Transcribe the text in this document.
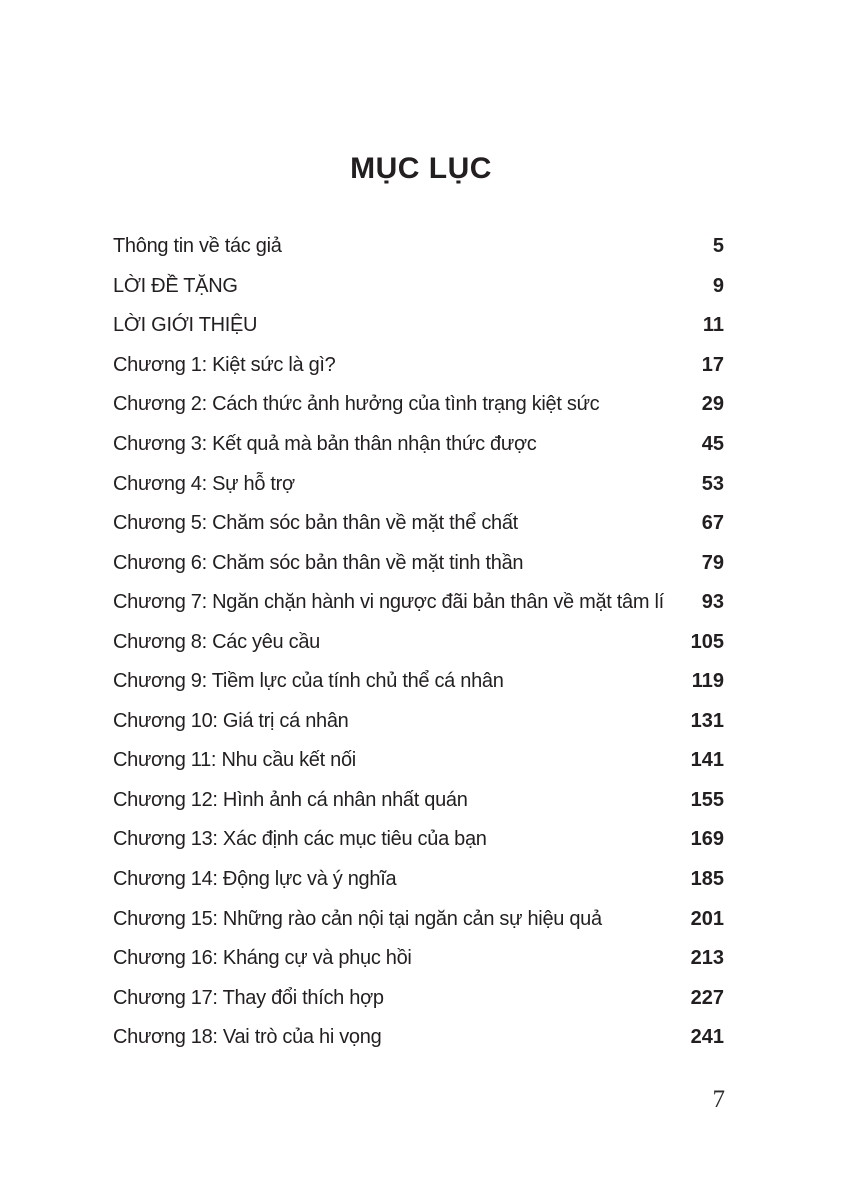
MỤC LỤC
Thông tin về tác giả	5
LỜI ĐỀ TẶNG	9
LỜI GIỚI THIỆU	11
Chương 1: Kiệt sức là gì?	17
Chương 2: Cách thức ảnh hưởng của tình trạng kiệt sức	29
Chương 3: Kết quả mà bản thân nhận thức được	45
Chương 4: Sự hỗ trợ	53
Chương 5: Chăm sóc bản thân về mặt thể chất	67
Chương 6: Chăm sóc bản thân về mặt tinh thần	79
Chương 7: Ngăn chặn hành vi ngược đãi bản thân về mặt tâm lí 93
Chương 8: Các yêu cầu	105
Chương 9: Tiềm lực của tính chủ thể cá nhân	119
Chương 10: Giá trị cá nhân	131
Chương 11: Nhu cầu kết nối	141
Chương 12: Hình ảnh cá nhân nhất quán	155
Chương 13: Xác định các mục tiêu của bạn	169
Chương 14: Động lực và ý nghĩa	185
Chương 15: Những rào cản nội tại ngăn cản sự hiệu quả	201
Chương 16: Kháng cự và phục hồi	213
Chương 17: Thay đổi thích hợp	227
Chương 18: Vai trò của hi vọng	241
7
